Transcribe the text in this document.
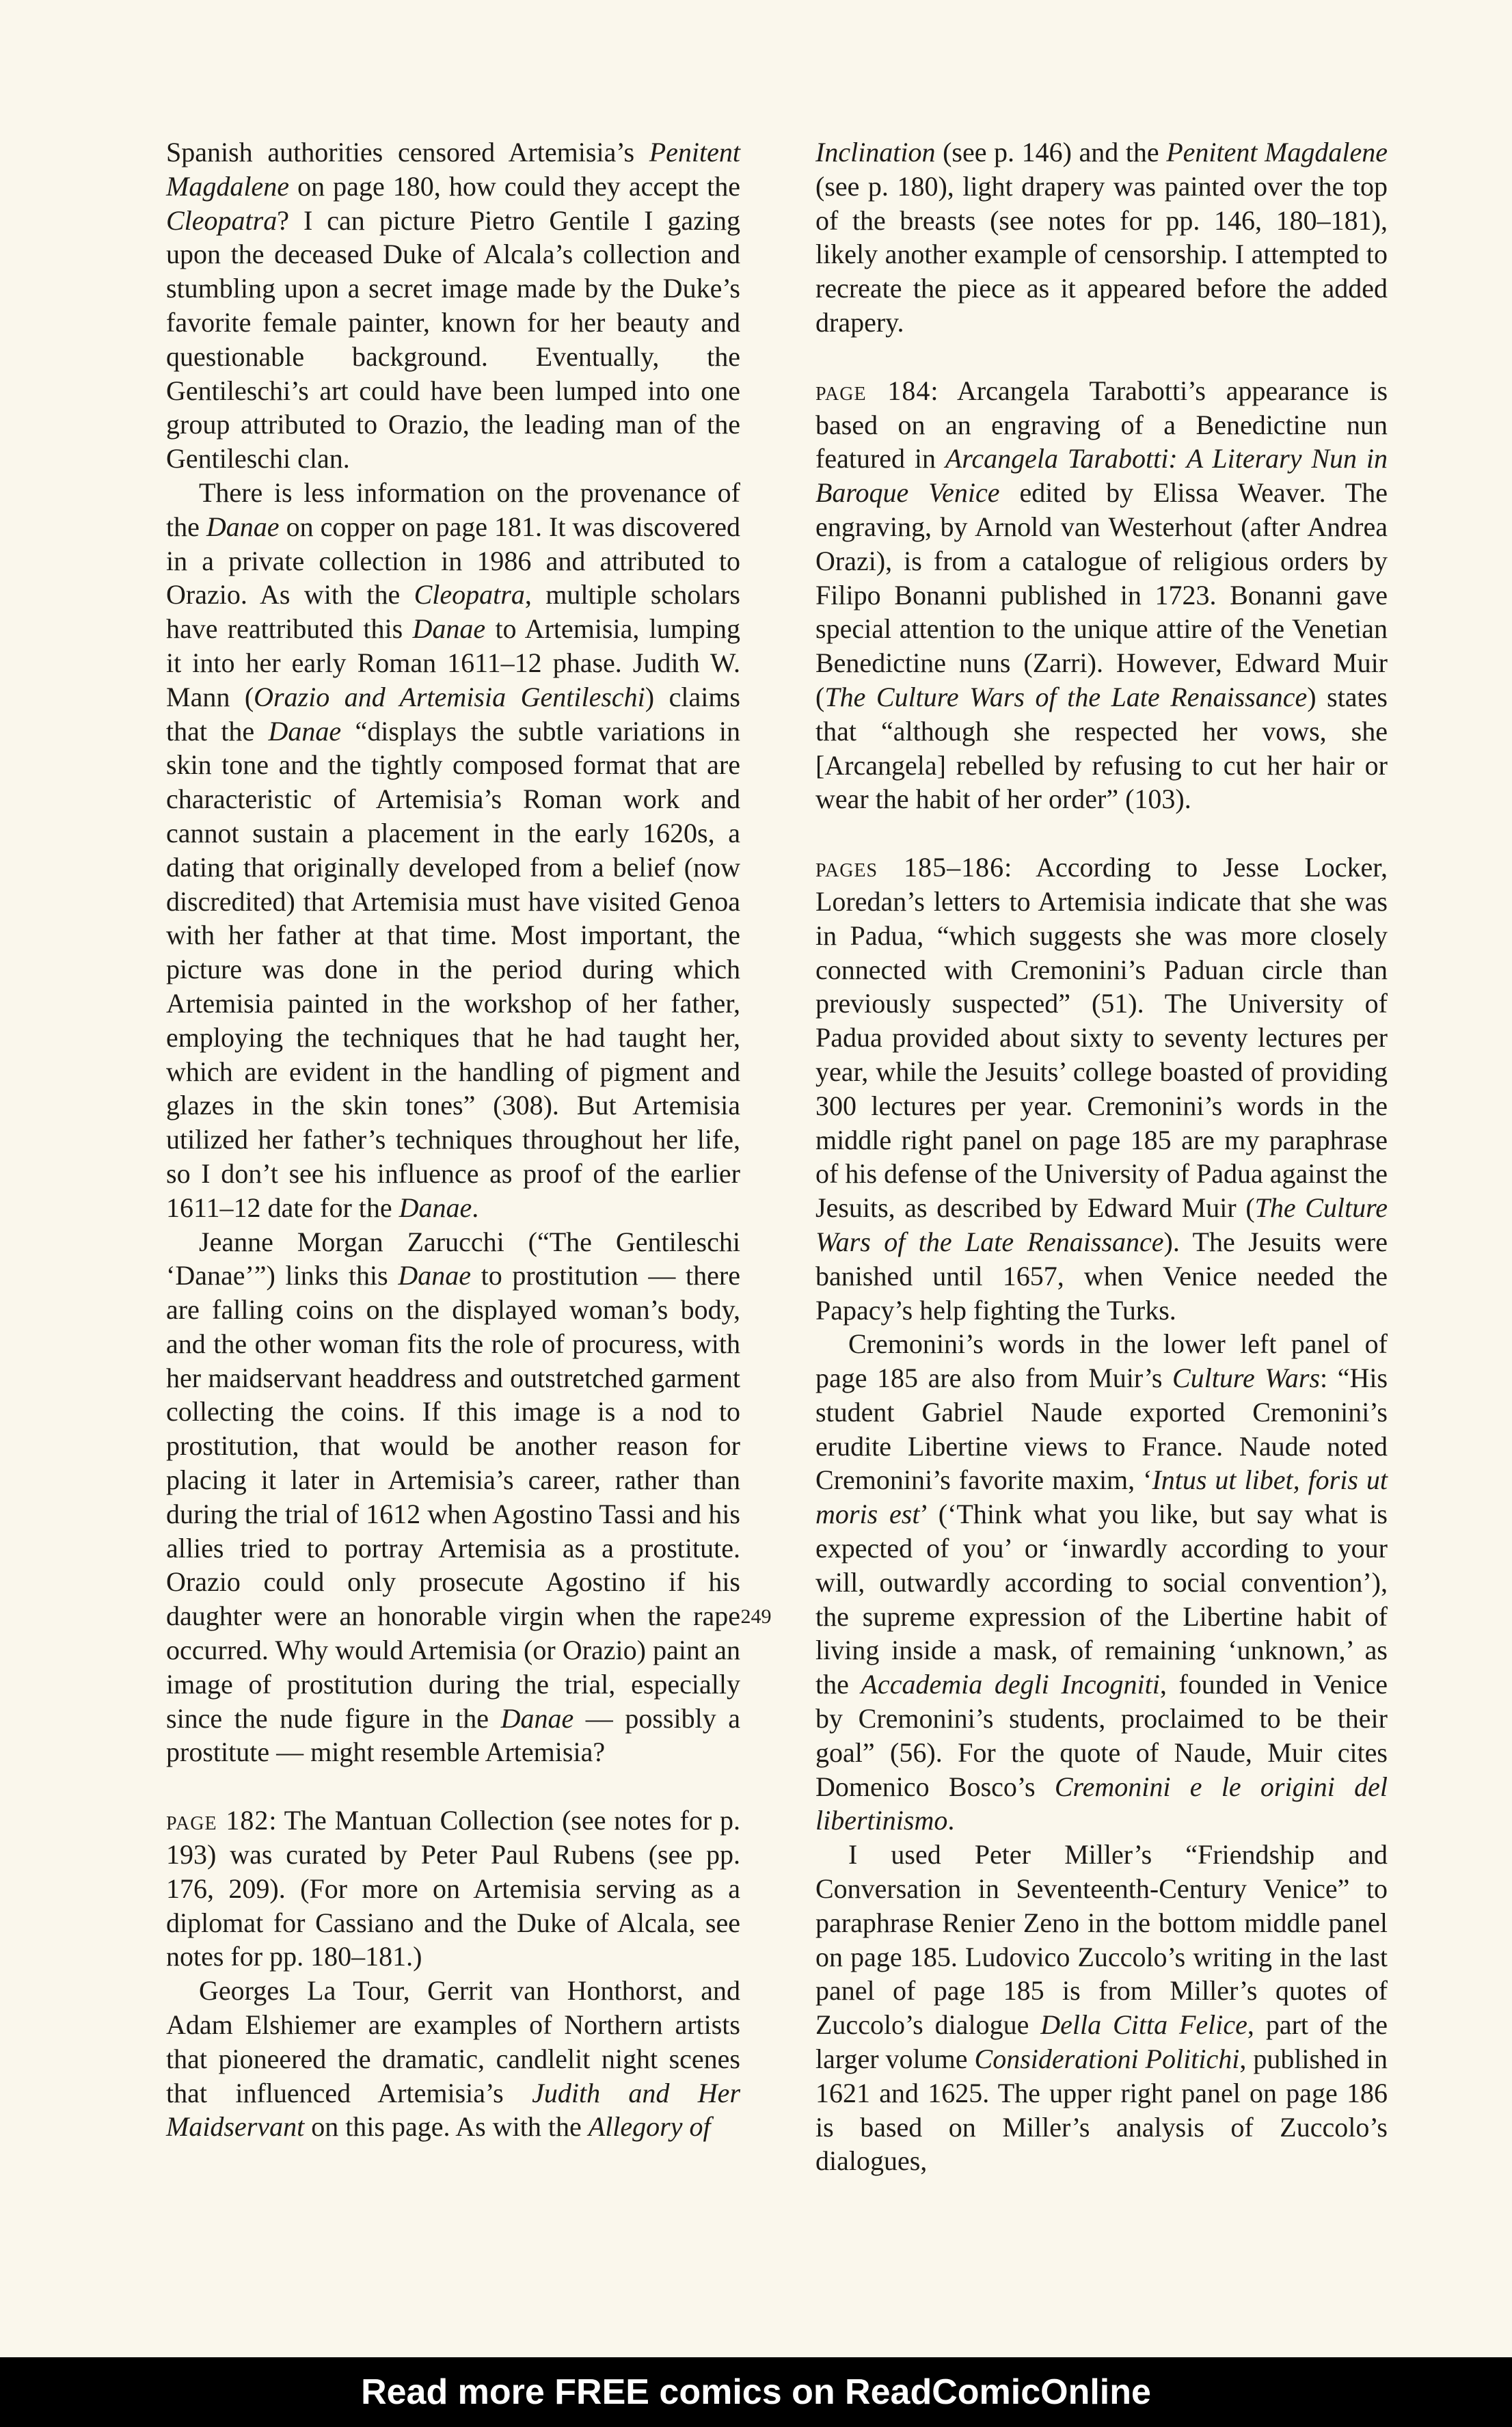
Spanish authorities censored Artemisia’s Penitent Magdalene on page 180, how could they accept the Cleopatra? I can picture Pietro Gentile I gazing upon the deceased Duke of Alcala’s collection and stumbling upon a secret image made by the Duke’s favorite female painter, known for her beauty and questionable background. Eventually, the Gentileschi’s art could have been lumped into one group attributed to Orazio, the leading man of the Gentileschi clan.

There is less information on the provenance of the Danae on copper on page 181. It was discovered in a private collection in 1986 and attributed to Orazio. As with the Cleopatra, multiple scholars have reattributed this Danae to Artemisia, lumping it into her early Roman 1611–12 phase. Judith W. Mann (Orazio and Artemisia Gentileschi) claims that the Danae “displays the subtle variations in skin tone and the tightly composed format that are characteristic of Artemisia’s Roman work and cannot sustain a placement in the early 1620s, a dating that originally developed from a belief (now discredited) that Artemisia must have visited Genoa with her father at that time. Most important, the picture was done in the period during which Artemisia painted in the workshop of her father, employing the techniques that he had taught her, which are evident in the handling of pigment and glazes in the skin tones” (308). But Artemisia utilized her father’s techniques throughout her life, so I don’t see his influence as proof of the earlier 1611–12 date for the Danae.

Jeanne Morgan Zarucchi (“The Gentileschi ‘Danae’”) links this Danae to prostitution — there are falling coins on the displayed woman’s body, and the other woman fits the role of procuress, with her maidservant headdress and outstretched garment collecting the coins. If this image is a nod to prostitution, that would be another reason for placing it later in Artemisia’s career, rather than during the trial of 1612 when Agostino Tassi and his allies tried to portray Artemisia as a prostitute. Orazio could only prosecute Agostino if his daughter were an honorable virgin when the rape occurred. Why would Artemisia (or Orazio) paint an image of prostitution during the trial, especially since the nude figure in the Danae — possibly a prostitute — might resemble Artemisia?

page 182: The Mantuan Collection (see notes for p. 193) was curated by Peter Paul Rubens (see pp. 176, 209). (For more on Artemisia serving as a diplomat for Cassiano and the Duke of Alcala, see notes for pp. 180–181.)

Georges La Tour, Gerrit van Honthorst, and Adam Elshiemer are examples of Northern artists that pioneered the dramatic, candlelit night scenes that influenced Artemisia’s Judith and Her Maidservant on this page. As with the Allegory of

Inclination (see p. 146) and the Penitent Magdalene (see p. 180), light drapery was painted over the top of the breasts (see notes for pp. 146, 180–181), likely another example of censorship. I attempted to recreate the piece as it appeared before the added drapery.

page 184: Arcangela Tarabotti’s appearance is based on an engraving of a Benedictine nun featured in Arcangela Tarabotti: A Literary Nun in Baroque Venice edited by Elissa Weaver. The engraving, by Arnold van Westerhout (after Andrea Orazi), is from a catalogue of religious orders by Filipo Bonanni published in 1723. Bonanni gave special attention to the unique attire of the Venetian Benedictine nuns (Zarri). However, Edward Muir (The Culture Wars of the Late Renaissance) states that “although she respected her vows, she [Arcangela] rebelled by refusing to cut her hair or wear the habit of her order” (103).

pages 185–186: According to Jesse Locker, Loredan’s letters to Artemisia indicate that she was in Padua, “which suggests she was more closely connected with Cremonini’s Paduan circle than previously suspected” (51). The University of Padua provided about sixty to seventy lectures per year, while the Jesuits’ college boasted of providing 300 lectures per year. Cremonini’s words in the middle right panel on page 185 are my paraphrase of his defense of the University of Padua against the Jesuits, as described by Edward Muir (The Culture Wars of the Late Renaissance). The Jesuits were banished until 1657, when Venice needed the Papacy’s help fighting the Turks.

Cremonini’s words in the lower left panel of page 185 are also from Muir’s Culture Wars: “His student Gabriel Naude exported Cremonini’s erudite Libertine views to France. Naude noted Cremonini’s favorite maxim, ‘Intus ut libet, foris ut moris est’ (‘Think what you like, but say what is expected of you’ or ‘inwardly according to your will, outwardly according to social convention’), the supreme expression of the Libertine habit of living inside a mask, of remaining ‘unknown,’ as the Accademia degli Incogniti, founded in Venice by Cremonini’s students, proclaimed to be their goal” (56). For the quote of Naude, Muir cites Domenico Bosco’s Cremonini e le origini del libertinismo.

I used Peter Miller’s “Friendship and Conversation in Seventeenth-Century Venice” to paraphrase Renier Zeno in the bottom middle panel on page 185. Ludovico Zuccolo’s writing in the last panel of page 185 is from Miller’s quotes of Zuccolo’s dialogue Della Citta Felice, part of the larger volume Considerationi Politichi, published in 1621 and 1625. The upper right panel on page 186 is based on Miller’s analysis of Zuccolo’s dialogues,

249
Read more FREE comics on ReadComicOnline
